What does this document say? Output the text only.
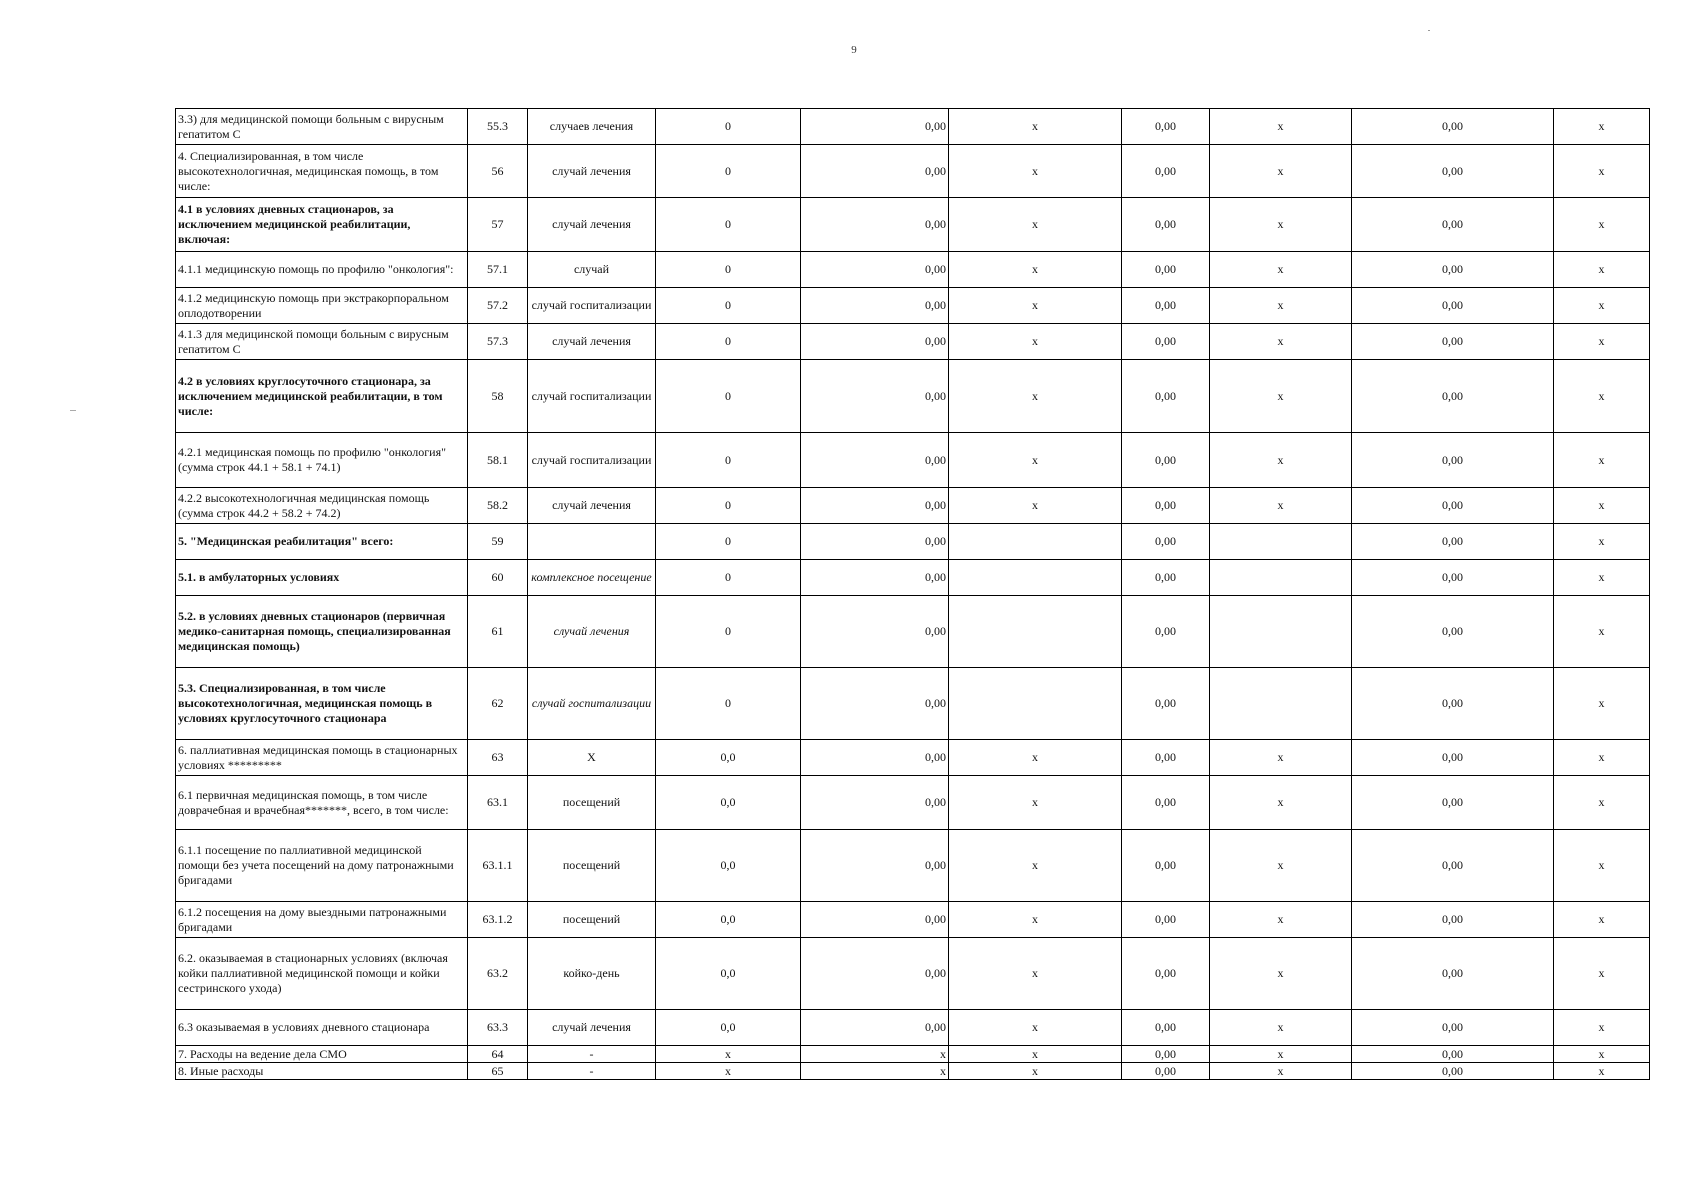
9
3.3) для медицинской помощи больным с вирусным гепатитом С	55.3	случаев лечения	0	0,00	х	0,00	х	0,00	х
4. Специализированная, в том числе высокотехнологичная, медицинская помощь, в том числе:	56	случай лечения	0	0,00	х	0,00	х	0,00	х
4.1 в условиях дневных стационаров, за исключением медицинской реабилитации, включая:	57	случай лечения	0	0,00	х	0,00	х	0,00	х
4.1.1 медицинскую помощь по профилю "онкология":	57.1	случай	0	0,00	х	0,00	х	0,00	х
4.1.2 медицинскую помощь при экстракорпоральном оплодотворении	57.2	случай госпитализации	0	0,00	х	0,00	х	0,00	х
4.1.3 для медицинской помощи больным с вирусным гепатитом С	57.3	случай лечения	0	0,00	х	0,00	х	0,00	х
4.2 в условиях круглосуточного стационара, за исключением медицинской реабилитации, в том числе:	58	случай госпитализации	0	0,00	х	0,00	х	0,00	х
4.2.1 медицинская помощь по профилю "онкология" (сумма строк 44.1 + 58.1 + 74.1)	58.1	случай госпитализации	0	0,00	х	0,00	х	0,00	х
4.2.2 высокотехнологичная медицинская помощь (сумма строк 44.2 + 58.2 + 74.2)	58.2	случай лечения	0	0,00	х	0,00	х	0,00	х
5. "Медицинская реабилитация" всего:	59		0	0,00		0,00		0,00	х
5.1. в амбулаторных условиях	60	комплексное посещение	0	0,00		0,00		0,00	х
5.2. в условиях дневных стационаров (первичная медико-санитарная помощь, специализированная медицинская помощь)	61	случай лечения	0	0,00		0,00		0,00	х
5.3. Специализированная, в том числе высокотехнологичная, медицинская помощь в условиях круглосуточного стационара	62	случай госпитализации	0	0,00		0,00		0,00	х
6. паллиативная медицинская помощь в стационарных условиях *********	63	Х	0,0	0,00	х	0,00	х	0,00	х
6.1 первичная медицинская помощь, в том числе доврачебная и врачебная*******, всего, в том числе:	63.1	посещений	0,0	0,00	х	0,00	х	0,00	х
6.1.1 посещение по паллиативной медицинской помощи без учета посещений на дому патронажными бригадами	63.1.1	посещений	0,0	0,00	х	0,00	х	0,00	х
6.1.2 посещения на дому выездными патронажными бригадами	63.1.2	посещений	0,0	0,00	х	0,00	х	0,00	х
6.2. оказываемая в стационарных условиях (включая койки паллиативной медицинской помощи и койки сестринского ухода)	63.2	койко-день	0,0	0,00	х	0,00	х	0,00	х
6.3 оказываемая в условиях дневного стационара	63.3	случай лечения	0,0	0,00	х	0,00	х	0,00	х
7. Расходы на ведение дела СМО	64	-	х	х	х	0,00	х	0,00	х
8. Иные расходы	65	-	х	х	х	0,00	х	0,00	х
